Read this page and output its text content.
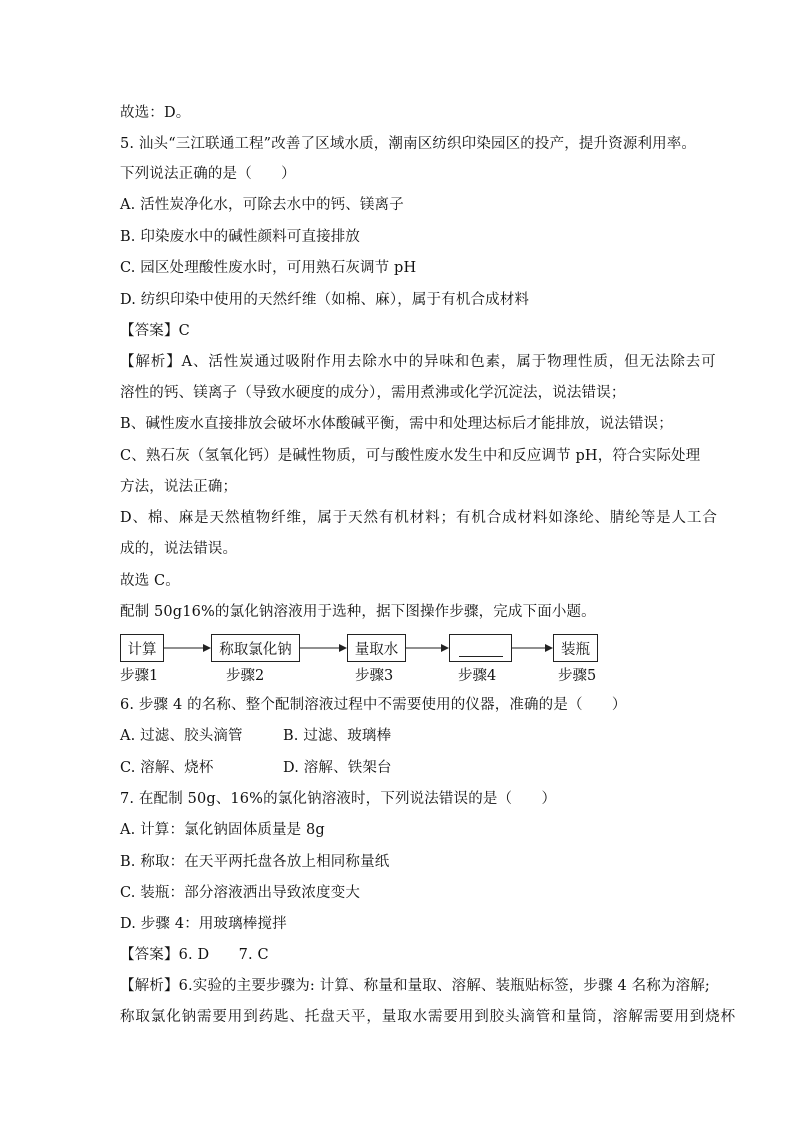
故选：D。
5. 汕头“三江联通工程”改善了区域水质，潮南区纺织印染园区的投产，提升资源利用率。
下列说法正确的是（　　）
A. 活性炭净化水，可除去水中的钙、镁离子
B. 印染废水中的碱性颜料可直接排放
C. 园区处理酸性废水时，可用熟石灰调节 pH
D. 纺织印染中使用的天然纤维（如棉、麻），属于有机合成材料
【答案】C
【解析】A、活性炭通过吸附作用去除水中的异味和色素，属于物理性质，但无法除去可
溶性的钙、镁离子（导致水硬度的成分），需用煮沸或化学沉淀法，说法错误；
B、碱性废水直接排放会破坏水体酸碱平衡，需中和处理达标后才能排放，说法错误；
C、熟石灰（氢氧化钙）是碱性物质，可与酸性废水发生中和反应调节 pH，符合实际处理
方法，说法正确；
D、棉、麻是天然植物纤维，属于天然有机材料；有机合成材料如涤纶、腈纶等是人工合
成的，说法错误。
故选 C。
配制 50g16%的氯化钠溶液用于选种，据下图操作步骤，完成下面小题。
计算	称取氯化钠	量取水	装瓶
步骤1	步骤2	步骤3	步骤4	步骤5
6. 步骤 4 的名称、整个配制溶液过程中不需要使用的仪器，准确的是（　　）
A. 过滤、胶头滴管	B. 过滤、玻璃棒
C. 溶解、烧杯	D. 溶解、铁架台
7. 在配制 50g、16%的氯化钠溶液时，下列说法错误的是（　　）
A. 计算：氯化钠固体质量是 8g
B. 称取：在天平两托盘各放上相同称量纸
C. 装瓶：部分溶液洒出导致浓度变大
D. 步骤 4：用玻璃棒搅拌
【答案】6. D　　7. C
【解析】6.实验的主要步骤为: 计算、称量和量取、溶解、装瓶贴标签，步骤 4 名称为溶解;
称取氯化钠需要用到药匙、托盘天平，量取水需要用到胶头滴管和量筒，溶解需要用到烧杯
